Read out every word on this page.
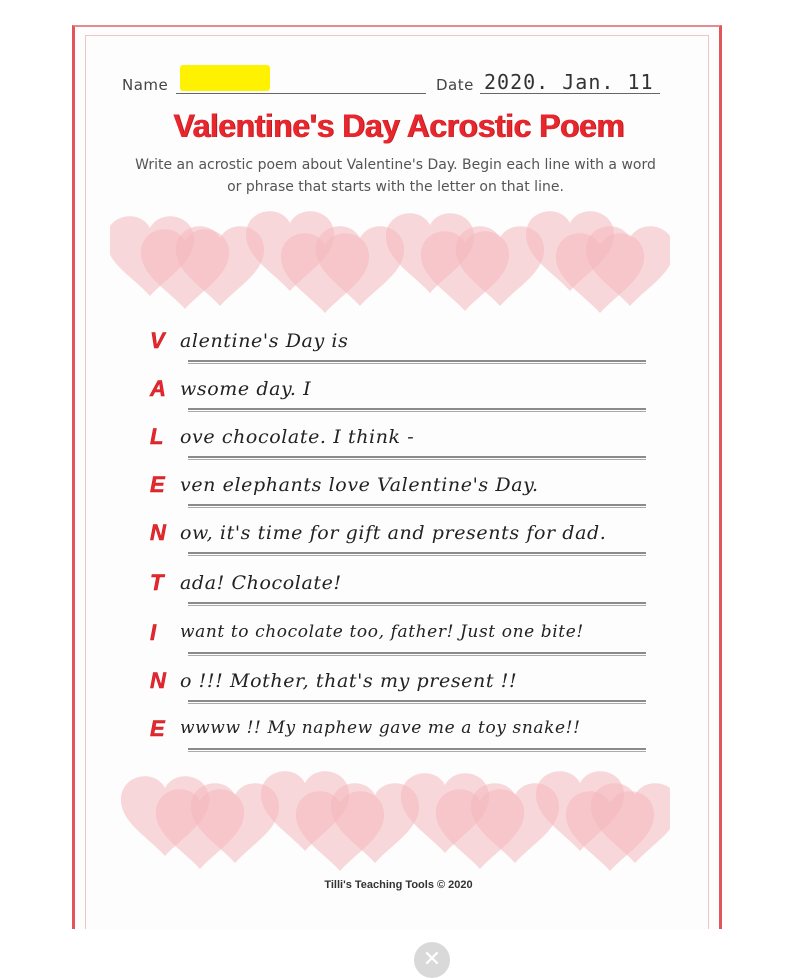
Name	Date 2020. Jan. 11
Valentine's Day Acrostic Poem
Write an acrostic poem about Valentine's Day. Begin each line with a word or phrase that starts with the letter on that line.
V alentine's Day is
A wsome day. I
L ove chocolate. I think -
E ven elephants love Valentine's Day.
N ow, it's time for gift and presents for dad.
T ada! Chocolate!
I want to chocolate too, father! Just one bite!
N o !!! Mother, that's my present !!
E wwww !! My naphew gave me a toy snake!!
Tilli's Teaching Tools © 2020
✕
